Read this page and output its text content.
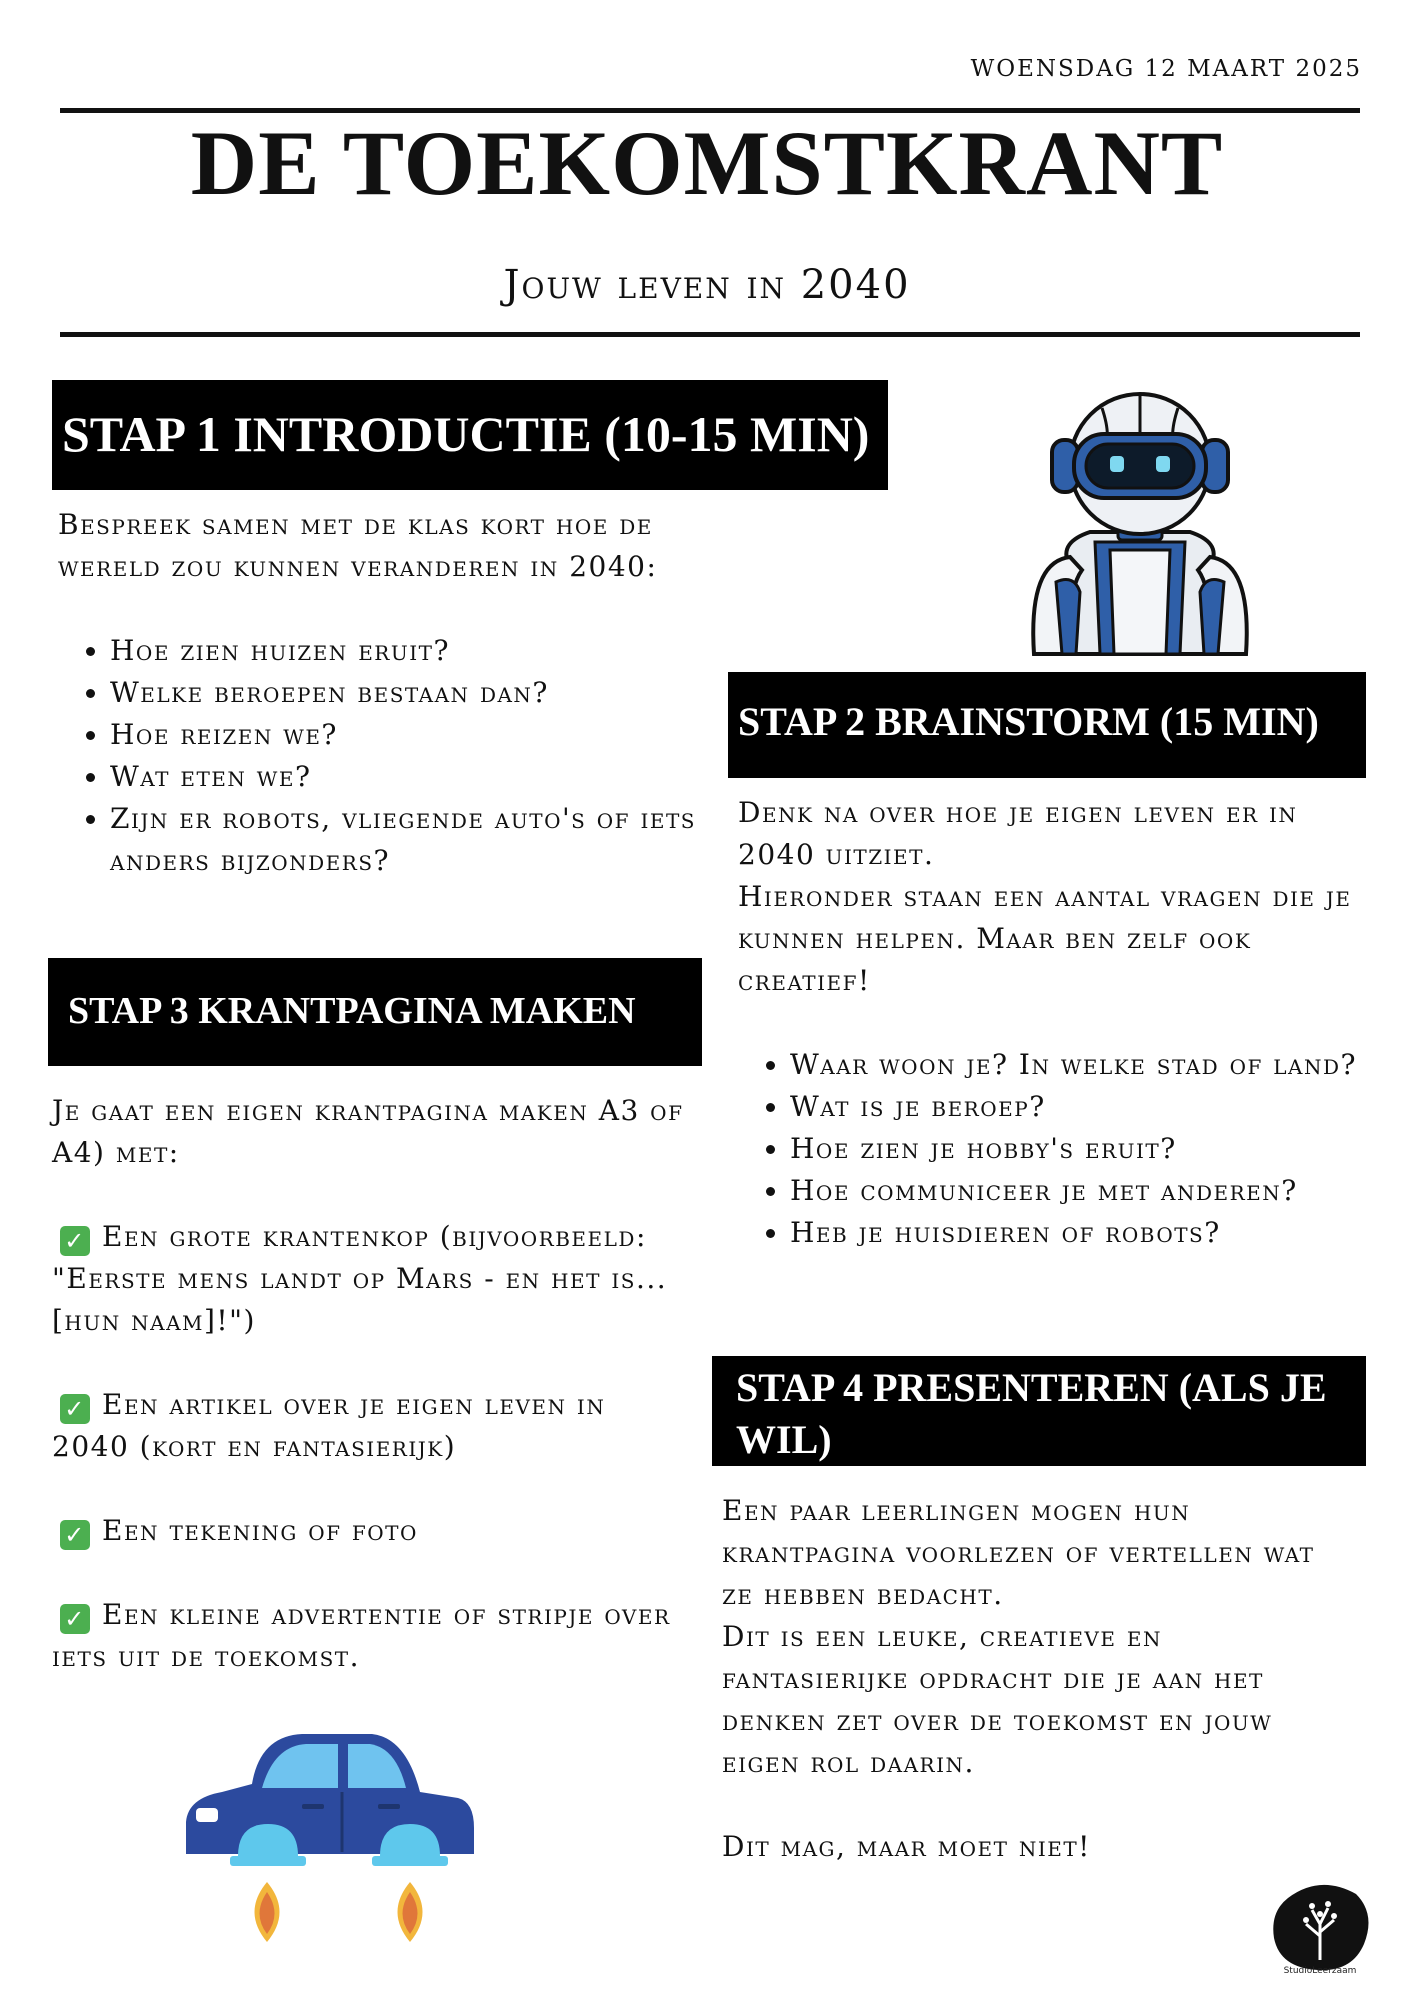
WOENSDAG 12 MAART 2025
DE TOEKOMSTKRANT
Jouw leven in 2040
STAP 1 INTRODUCTIE (10-15 MIN)

Bespreek samen met de klas kort hoe de wereld zou kunnen veranderen in 2040:

• Hoe zien huizen eruit?
• Welke beroepen bestaan dan?
• Hoe reizen we?
• Wat eten we?
• Zijn er robots, vliegende auto's of iets anders bijzonders?
STAP 2 BRAINSTORM (15 MIN)

Denk na over hoe je eigen leven er in 2040 uitziet.

Hieronder staan een aantal vragen die je kunnen helpen. Maar ben zelf ook creatief!

• Waar woon je? In welke stad of land?
• Wat is je beroep?
• Hoe zien je hobby's eruit?
• Hoe communiceer je met anderen?
• Heb je huisdieren of robots?
STAP 3 KRANTPAGINA MAKEN

Je gaat een eigen krantpagina maken A3 of A4) met:

✓ Een grote krantenkop (bijvoorbeeld: "Eerste mens landt op Mars - en het is... [hun naam]!")

✓ Een artikel over je eigen leven in 2040 (kort en fantasierijk)

✓ Een tekening of foto

✓ Een kleine advertentie of stripje over iets uit de toekomst.

STAP 4 PRESENTEREN (ALS JE WIL)

Een paar leerlingen mogen hun krantpagina voorlezen of vertellen wat ze hebben bedacht.

Dit is een leuke, creatieve en fantasierijke opdracht die je aan het denken zet over de toekomst en jouw eigen rol daarin.

Dit mag, maar moet niet!

StudioLeerzaam
